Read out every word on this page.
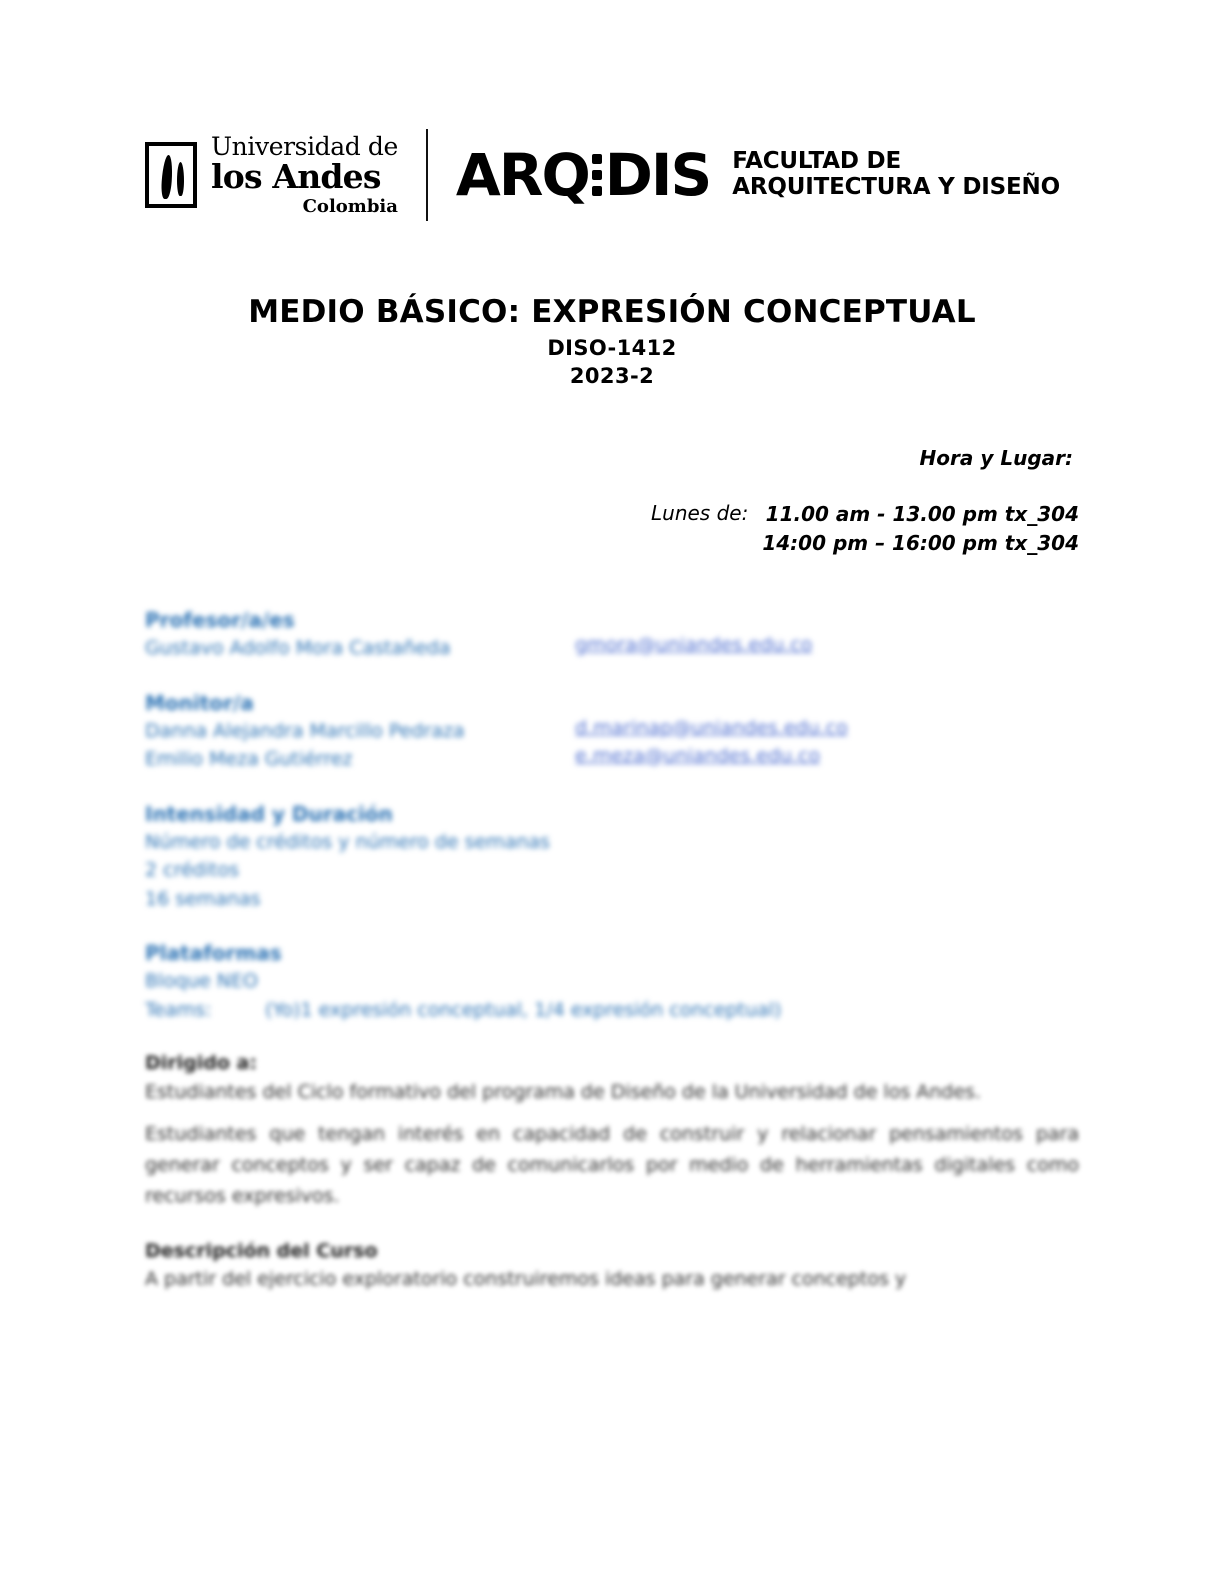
Universidad de
los Andes
Colombia ARQ DIS FACULTAD DE
ARQUITECTURA Y DISEÑO
MEDIO BÁSICO: EXPRESIÓN CONCEPTUAL
DISO-1412
2023-2
Hora y Lugar:
Lunes de: 11.00 am - 13.00 pm tx_304
14:00 pm – 16:00 pm tx_304
Profesor/a/es
Gustavo Adolfo Mora Castañeda	gmora@uniandes.edu.co
Monitor/a
Danna Alejandra Marcillo Pedraza	d.marinap@uniandes.edu.co
Emilio Meza Gutiérrez	e.meza@uniandes.edu.co
Intensidad y Duración
Número de créditos y número de semanas
2 créditos
16 semanas
Plataformas
Bloque NEO
Teams:	(Yo)1 expresión conceptual, 1/4 expresión conceptual)
Dirigido a:
Estudiantes del Ciclo formativo del programa de Diseño de la Universidad de los Andes.
Estudiantes que tengan interés en capacidad de construir y relacionar pensamientos para generar conceptos y ser capaz de comunicarlos por medio de herramientas digitales como recursos expresivos.
Descripción del Curso
A partir del ejercicio exploratorio construiremos ideas para generar conceptos y
